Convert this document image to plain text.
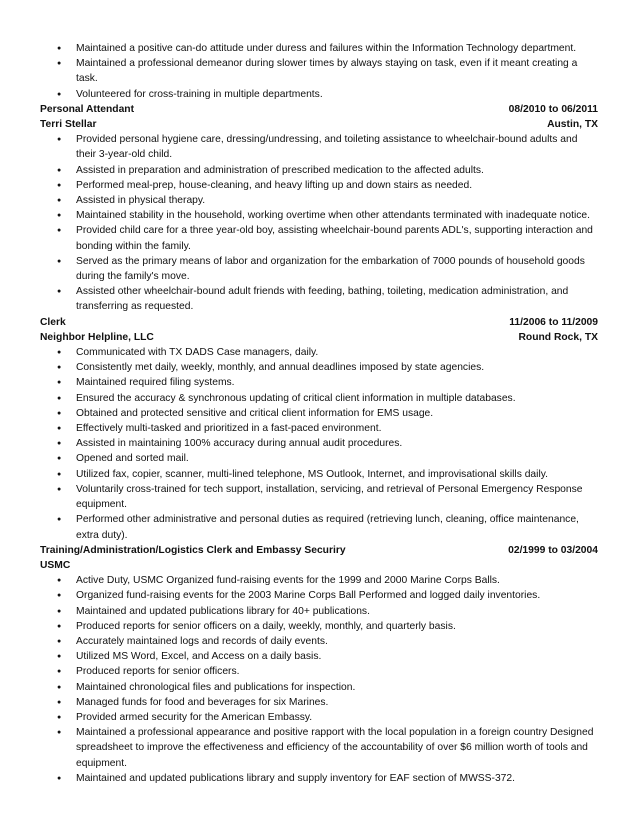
● Maintained a positive can-do attitude under duress and failures within the Information Technology department.
● Maintained a professional demeanor during slower times by always staying on task, even if it meant creating a task.
● Volunteered for cross-training in multiple departments.
Personal Attendant	08/2010 to 06/2011
Terri Stellar	Austin, TX
● Provided personal hygiene care, dressing/undressing, and toileting assistance to wheelchair-bound adults and their 3-year-old child.
● Assisted in preparation and administration of prescribed medication to the affected adults.
● Performed meal-prep, house-cleaning, and heavy lifting up and down stairs as needed.
● Assisted in physical therapy.
● Maintained stability in the household, working overtime when other attendants terminated with inadequate notice.
● Provided child care for a three year-old boy, assisting wheelchair-bound parents ADL's, supporting interaction and bonding within the family.
● Served as the primary means of labor and organization for the embarkation of 7000 pounds of household goods during the family's move.
● Assisted other wheelchair-bound adult friends with feeding, bathing, toileting, medication administration, and transferring as requested.
Clerk	11/2006 to 11/2009
Neighbor Helpline, LLC	Round Rock, TX
● Communicated with TX DADS Case managers, daily.
● Consistently met daily, weekly, monthly, and annual deadlines imposed by state agencies.
● Maintained required filing systems.
● Ensured the accuracy & synchronous updating of critical client information in multiple databases.
● Obtained and protected sensitive and critical client information for EMS usage.
● Effectively multi-tasked and prioritized in a fast-paced environment.
● Assisted in maintaining 100% accuracy during annual audit procedures.
● Opened and sorted mail.
● Utilized fax, copier, scanner, multi-lined telephone, MS Outlook, Internet, and improvisational skills daily.
● Voluntarily cross-trained for tech support, installation, servicing, and retrieval of Personal Emergency Response equipment.
● Performed other administrative and personal duties as required (retrieving lunch, cleaning, office maintenance, extra duty).
Training/Administration/Logistics Clerk and Embassy Securiry	02/1999 to 03/2004
USMC
● Active Duty, USMC Organized fund-raising events for the 1999 and 2000 Marine Corps Balls.
● Organized fund-raising events for the 2003 Marine Corps Ball Performed and logged daily inventories.
● Maintained and updated publications library for 40+ publications.
● Produced reports for senior officers on a daily, weekly, monthly, and quarterly basis.
● Accurately maintained logs and records of daily events.
● Utilized MS Word, Excel, and Access on a daily basis.
● Produced reports for senior officers.
● Maintained chronological files and publications for inspection.
● Managed funds for food and beverages for six Marines.
● Provided armed security for the American Embassy.
● Maintained a professional appearance and positive rapport with the local population in a foreign country Designed spreadsheet to improve the effectiveness and efficiency of the accountability of over $6 million worth of tools and equipment.
● Maintained and updated publications library and supply inventory for EAF section of MWSS-372.
